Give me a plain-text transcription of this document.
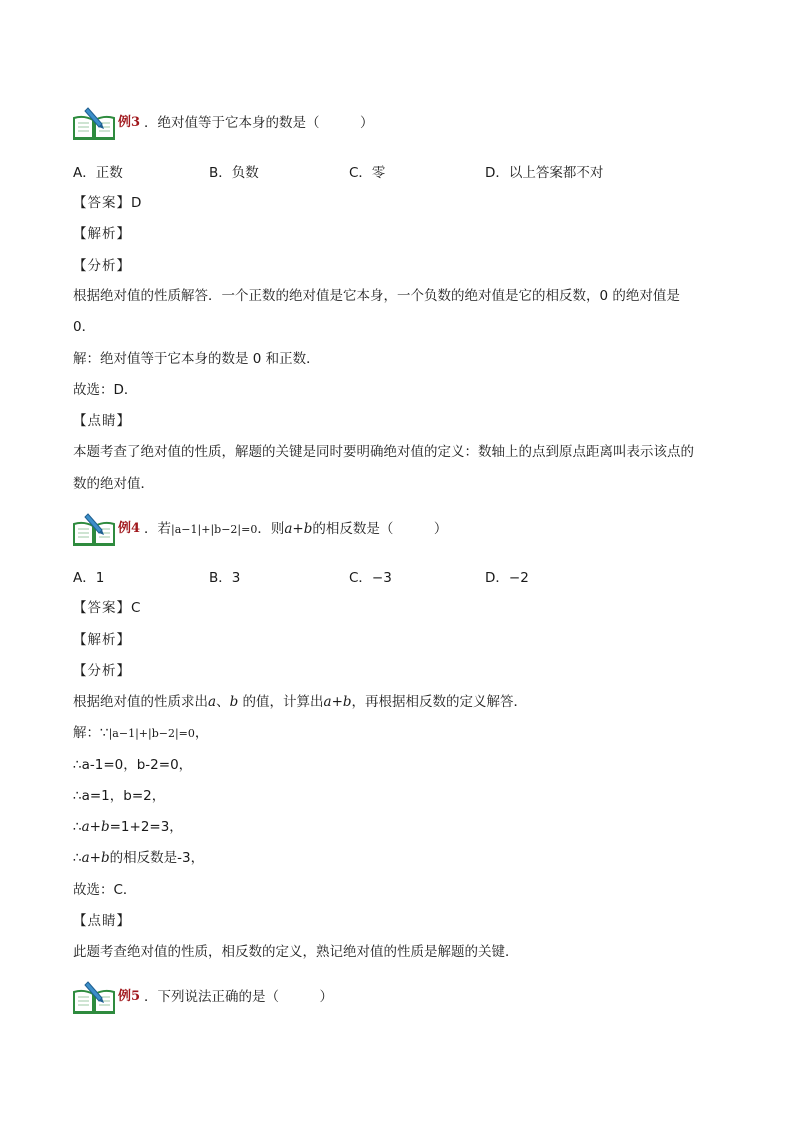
例3 ．绝对值等于它本身的数是（　　　）
A．正数	B．负数	C．零	D．以上答案都不对
【答案】D
【解析】
【分析】
根据绝对值的性质解答．一个正数的绝对值是它本身，一个负数的绝对值是它的相反数，0 的绝对值是
0．
解：绝对值等于它本身的数是 0 和正数．
故选：D．
【点睛】
本题考查了绝对值的性质，解题的关键是同时要明确绝对值的定义：数轴上的点到原点距离叫表示该点的
数的绝对值．
例4 ．若|a−1|+|b−2|=0．则a+b的相反数是（　　　）
A．1	B．3	C．−3	D．−2
【答案】C
【解析】
【分析】
根据绝对值的性质求出a、b 的值，计算出a+b，再根据相反数的定义解答．
解：∵|a−1|+|b−2|=0，
∴a-1=0，b-2=0，
∴a=1，b=2，
∴a+b=1+2=3，
∴a+b的相反数是-3，
故选：C．
【点睛】
此题考查绝对值的性质，相反数的定义，熟记绝对值的性质是解题的关键．
例5 ．下列说法正确的是（　　　）
